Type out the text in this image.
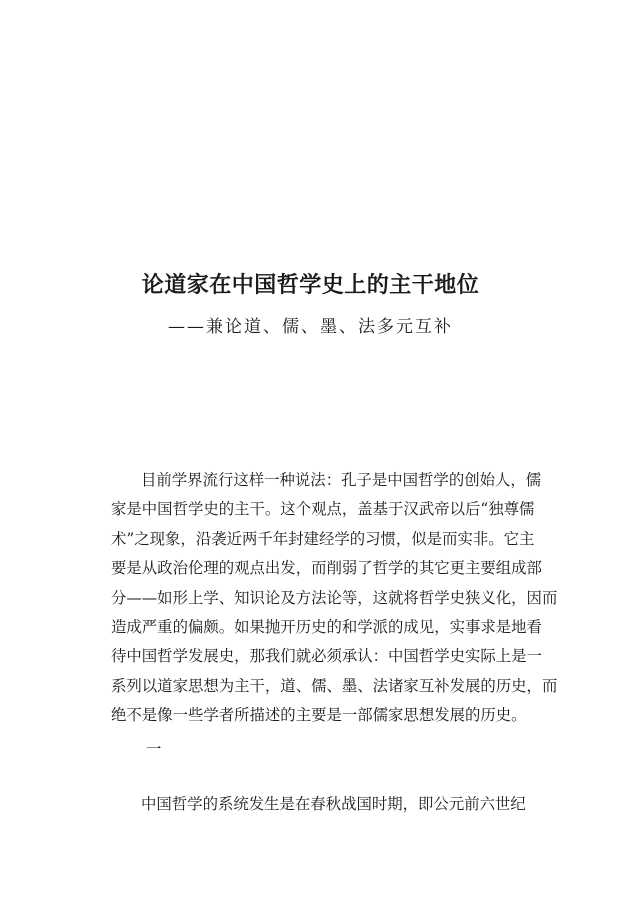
论道家在中国哲学史上的主干地位
——兼论道、儒、墨、法多元互补
目前学界流行这样一种说法：孔子是中国哲学的创始人，儒
家是中国哲学史的主干。这个观点，盖基于汉武帝以后“独尊儒
术”之现象，沿袭近两千年封建经学的习惯，似是而实非。它主
要是从政治伦理的观点出发，而削弱了哲学的其它更主要组成部
分——如形上学、知识论及方法论等，这就将哲学史狭义化，因而
造成严重的偏颇。如果抛开历史的和学派的成见，实事求是地看
待中国哲学发展史，那我们就必须承认：中国哲学史实际上是一
系列以道家思想为主干，道、儒、墨、法诸家互补发展的历史，而
绝不是像一些学者所描述的主要是一部儒家思想发展的历史。
一
中国哲学的系统发生是在春秋战国时期，即公元前六世纪
